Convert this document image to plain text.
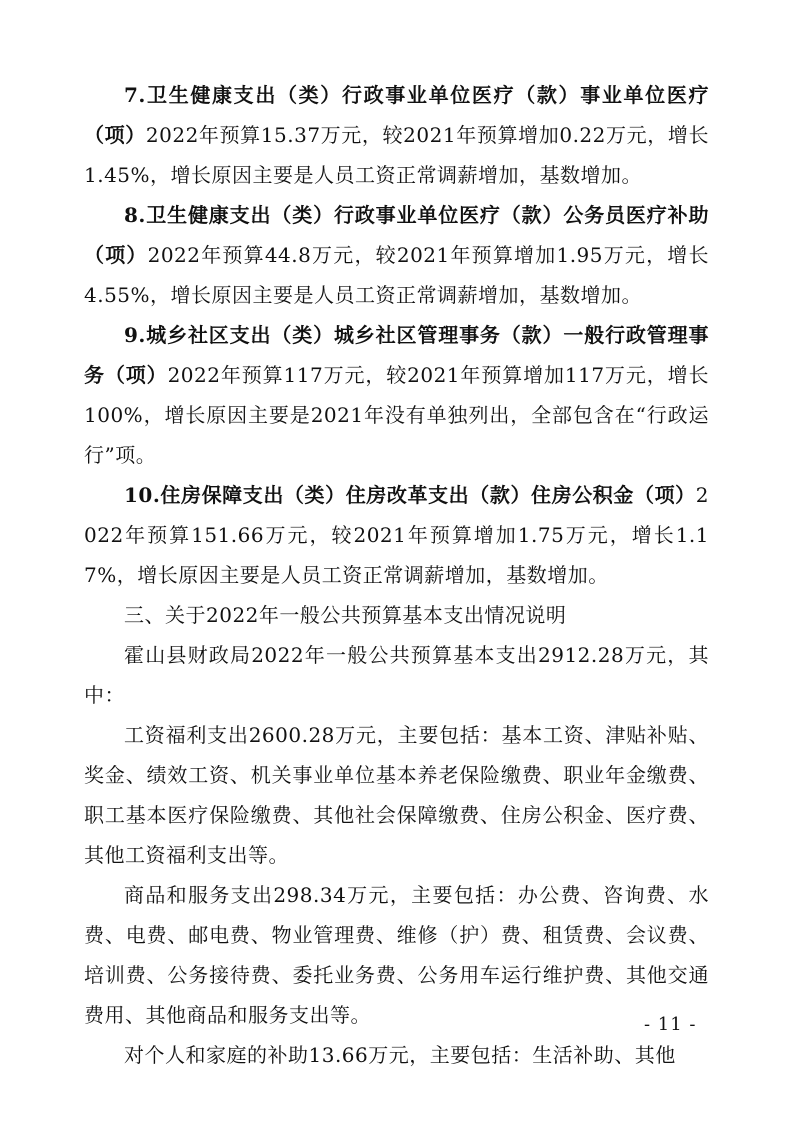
7.卫生健康支出（类）行政事业单位医疗（款）事业单位医疗（项）2022年预算15.37万元，较2021年预算增加0.22万元，增长1.45%，增长原因主要是人员工资正常调薪增加，基数增加。

8.卫生健康支出（类）行政事业单位医疗（款）公务员医疗补助（项）2022年预算44.8万元，较2021年预算增加1.95万元，增长4.55%，增长原因主要是人员工资正常调薪增加，基数增加。

9.城乡社区支出（类）城乡社区管理事务（款）一般行政管理事务（项）2022年预算117万元，较2021年预算增加117万元，增长100%，增长原因主要是2021年没有单独列出，全部包含在“行政运行”项。

10.住房保障支出（类）住房改革支出（款）住房公积金（项）2022年预算151.66万元，较2021年预算增加1.75万元，增长1.17%，增长原因主要是人员工资正常调薪增加，基数增加。

三、关于2022年一般公共预算基本支出情况说明

霍山县财政局2022年一般公共预算基本支出2912.28万元，其中：

工资福利支出2600.28万元，主要包括：基本工资、津贴补贴、奖金、绩效工资、机关事业单位基本养老保险缴费、职业年金缴费、职工基本医疗保险缴费、其他社会保障缴费、住房公积金、医疗费、其他工资福利支出等。

商品和服务支出298.34万元，主要包括：办公费、咨询费、水费、电费、邮电费、物业管理费、维修（护）费、租赁费、会议费、培训费、公务接待费、委托业务费、公务用车运行维护费、其他交通费用、其他商品和服务支出等。

对个人和家庭的补助13.66万元，主要包括：生活补助、其他

- 11 -
